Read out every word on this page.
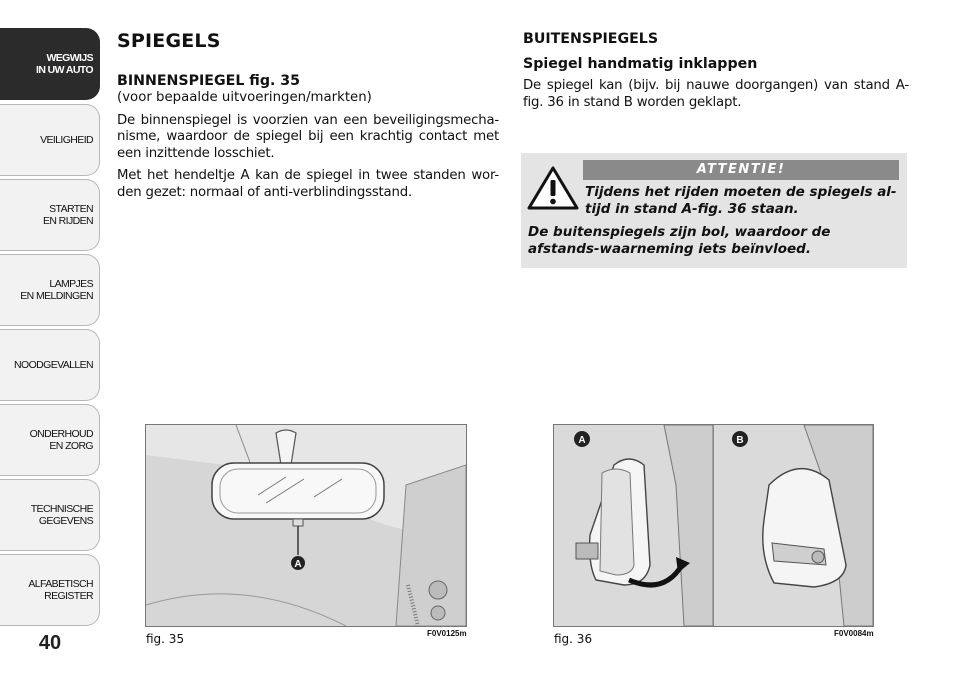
WEGWIJS
IN UW AUTO
VEILIGHEID
STARTEN
EN RIJDEN
LAMPJES
EN MELDINGEN
NOODGEVALLEN
ONDERHOUD
EN ZORG
TECHNISCHE
GEGEVENS
ALFABETISCH
REGISTER
40
SPIEGELS
BINNENSPIEGEL fig. 35
(voor bepaalde uitvoeringen/markten)
De binnenspiegel is voorzien van een beveiligingsmecha-nisme, waardoor de spiegel bij een krachtig contact met een inzittende losschiet.
Met het hendeltje A kan de spiegel in twee standen wor-den gezet: normaal of anti-verblindingsstand.
BUITENSPIEGELS
Spiegel handmatig inklappen
De spiegel kan (bijv. bij nauwe doorgangen) van stand A-fig. 36 in stand B worden geklapt.
ATTENTIE!
Tijdens het rijden moeten de spiegels al-tijd in stand A-fig. 36 staan.
De buitenspiegels zijn bol, waardoor de afstands-waarneming iets beïnvloed.
A
fig. 35	F0V0125m
A	B
fig. 36	F0V0084m
